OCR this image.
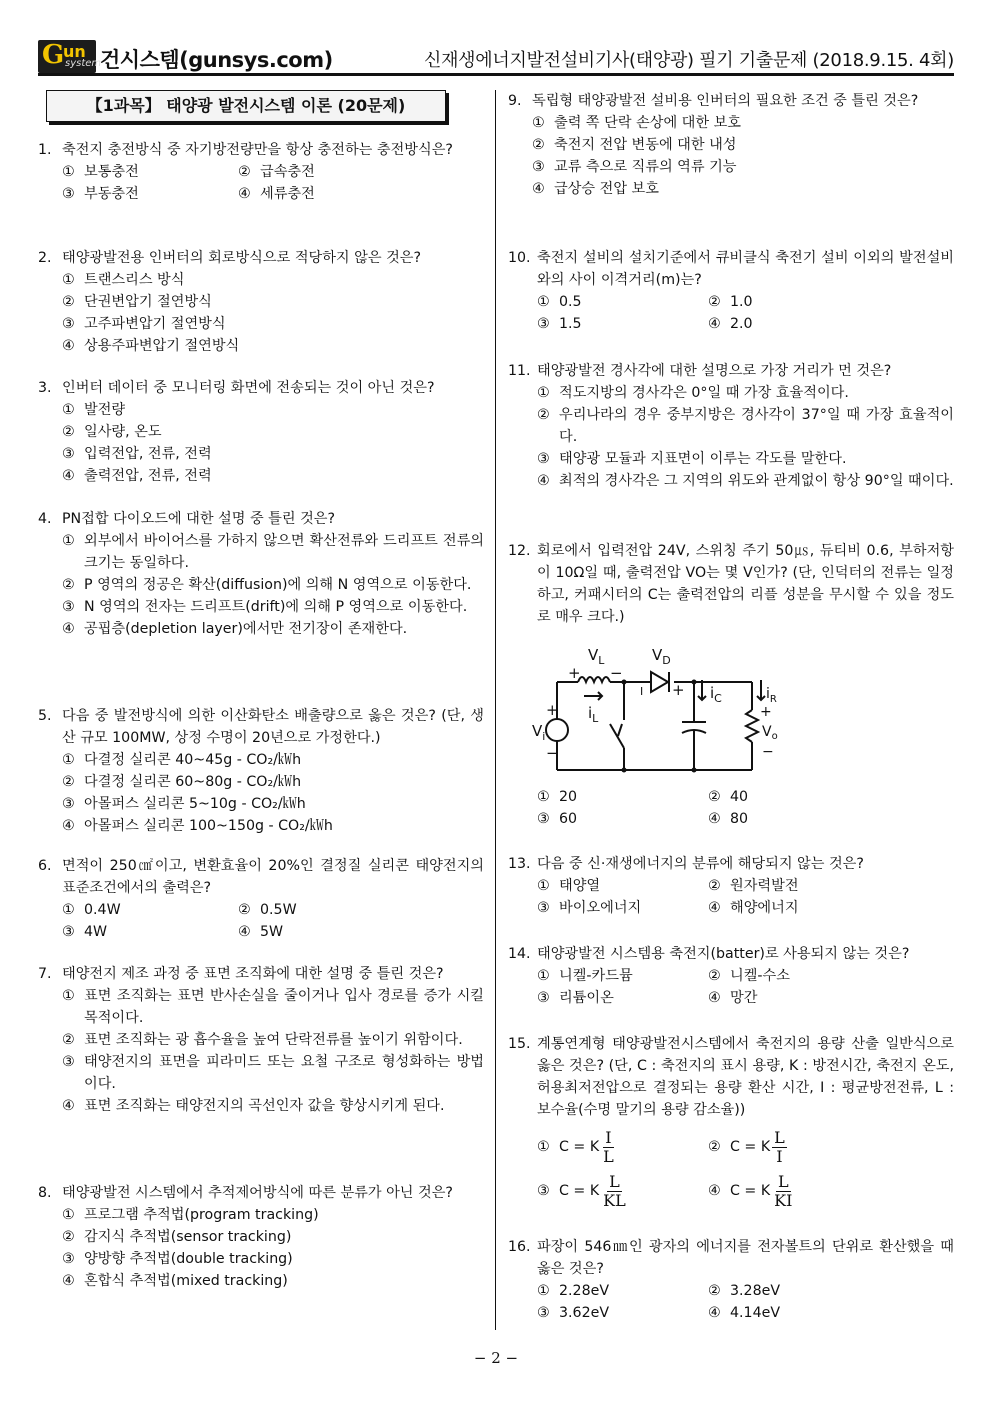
G
un
system
건시스템(gunsys.com)	신재생에너지발전설비기사(태양광) 필기 기출문제 (2018.9.15. 4회)
【1과목】 태양광 발전시스템 이론 (20문제)
1. 축전지 충전방식 중 자기방전량만을 항상 충전하는 충전방식은?
① 보통충전	② 급속충전
③ 부동충전	④ 세류충전
2. 태양광발전용 인버터의 회로방식으로 적당하지 않은 것은?
① 트랜스리스 방식
② 단권변압기 절연방식
③ 고주파변압기 절연방식
④ 상용주파변압기 절연방식
3. 인버터 데이터 중 모니터링 화면에 전송되는 것이 아닌 것은?
① 발전량
② 일사량, 온도
③ 입력전압, 전류, 전력
④ 출력전압, 전류, 전력
4. PN접합 다이오드에 대한 설명 중 틀린 것은?
① 외부에서 바이어스를 가하지 않으면 확산전류와 드리프트 전류의 크기는 동일하다.
② P 영역의 정공은 확산(diffusion)에 의해 N 영역으로 이동한다.
③ N 영역의 전자는 드리프트(drift)에 의해 P 영역으로 이동한다.
④ 공핍층(depletion layer)에서만 전기장이 존재한다.
5. 다음 중 발전방식에 의한 이산화탄소 배출량으로 옳은 것은? (단, 생산 규모 100MW, 상정 수명이 20년으로 가정한다.)
① 다결정 실리콘 40~45g - CO₂/㎾h
② 다결정 실리콘 60~80g - CO₂/㎾h
③ 아몰퍼스 실리콘 5~10g - CO₂/㎾h
④ 아몰퍼스 실리콘 100~150g - CO₂/㎾h
6. 면적이 250㎠이고, 변환효율이 20%인 결정질 실리콘 태양전지의 표준조건에서의 출력은?
① 0.4W	② 0.5W
③ 4W	④ 5W
7. 태양전지 제조 과정 중 표면 조직화에 대한 설명 중 틀린 것은?
① 표면 조직화는 표면 반사손실을 줄이거나 입사 경로를 증가 시킬 목적이다.
② 표면 조직화는 광 흡수율을 높여 단락전류를 높이기 위함이다.
③ 태양전지의 표면을 피라미드 또는 요철 구조로 형성화하는 방법이다.
④ 표면 조직화는 태양전지의 곡선인자 값을 향상시키게 된다.
8. 태양광발전 시스템에서 추적제어방식에 따른 분류가 아닌 것은?
① 프로그램 추적법(program tracking)
② 감지식 추적법(sensor tracking)
③ 양방향 추적법(double tracking)
④ 혼합식 추적법(mixed tracking)
9. 독립형 태양광발전 설비용 인버터의 필요한 조건 중 틀린 것은?
① 출력 쪽 단락 손상에 대한 보호
② 축전지 전압 변동에 대한 내성
③ 교류 측으로 직류의 역류 기능
④ 급상승 전압 보호
10. 축전지 설비의 설치기준에서 큐비클식 축전기 설비 이외의 발전설비와의 사이 이격거리(m)는?
① 0.5	② 1.0
③ 1.5	④ 2.0
11. 태양광발전 경사각에 대한 설명으로 가장 거리가 먼 것은?
① 적도지방의 경사각은 0°일 때 가장 효율적이다.
② 우리나라의 경우 중부지방은 경사각이 37°일 때 가장 효율적이다.
③ 태양광 모듈과 지표면이 이루는 각도를 말한다.
④ 최적의 경사각은 그 지역의 위도와 관계없이 항상 90°일 때이다.
12. 회로에서 입력전압 24V, 스위칭 주기 50㎲, 듀티비 0.6, 부하저항이 10Ω일 때, 출력전압 VO는 몇 V인가? (단, 인덕터의 전류는 일정하고, 커패시터의 C는 출력전압의 리플 성분을 무시할 수 있을 정도로 매우 크다.)
+
$V_L$
−
$V_D$
I +
$i_L$
$i_C$	$i_R$
+
$V_i$
−
+
$V_o$
−
① 20	② 40
③ 60	④ 80
13. 다음 중 신·재생에너지의 분류에 해당되지 않는 것은?
① 태양열	② 원자력발전
③ 바이오에너지	④ 해양에너지
14. 태양광발전 시스템용 축전지(batter)로 사용되지 않는 것은?
① 니켈-카드뮴	② 니켈-수소
③ 리튬이온	④ 망간
15. 계통연계형 태양광발전시스템에서 축전지의 용량 산출 일반식으로 옳은 것은? (단, C : 축전지의 표시 용량, K : 방전시간, 축전지 온도, 허용최저전압으로 결정되는 용량 환산 시간, I : 평균방전전류, L : 보수율(수명 말기의 용량 감소율))
① C = K $\frac{I}{L}$	② C = K $\frac{L}{I}$
③ C = K $\frac{L}{KL}$	④ C = K $\frac{L}{KI}$
16. 파장이 546㎚인 광자의 에너지를 전자볼트의 단위로 환산했을 때 옳은 것은?
① 2.28eV	② 3.28eV
③ 3.62eV	④ 4.14eV
− 2 −
